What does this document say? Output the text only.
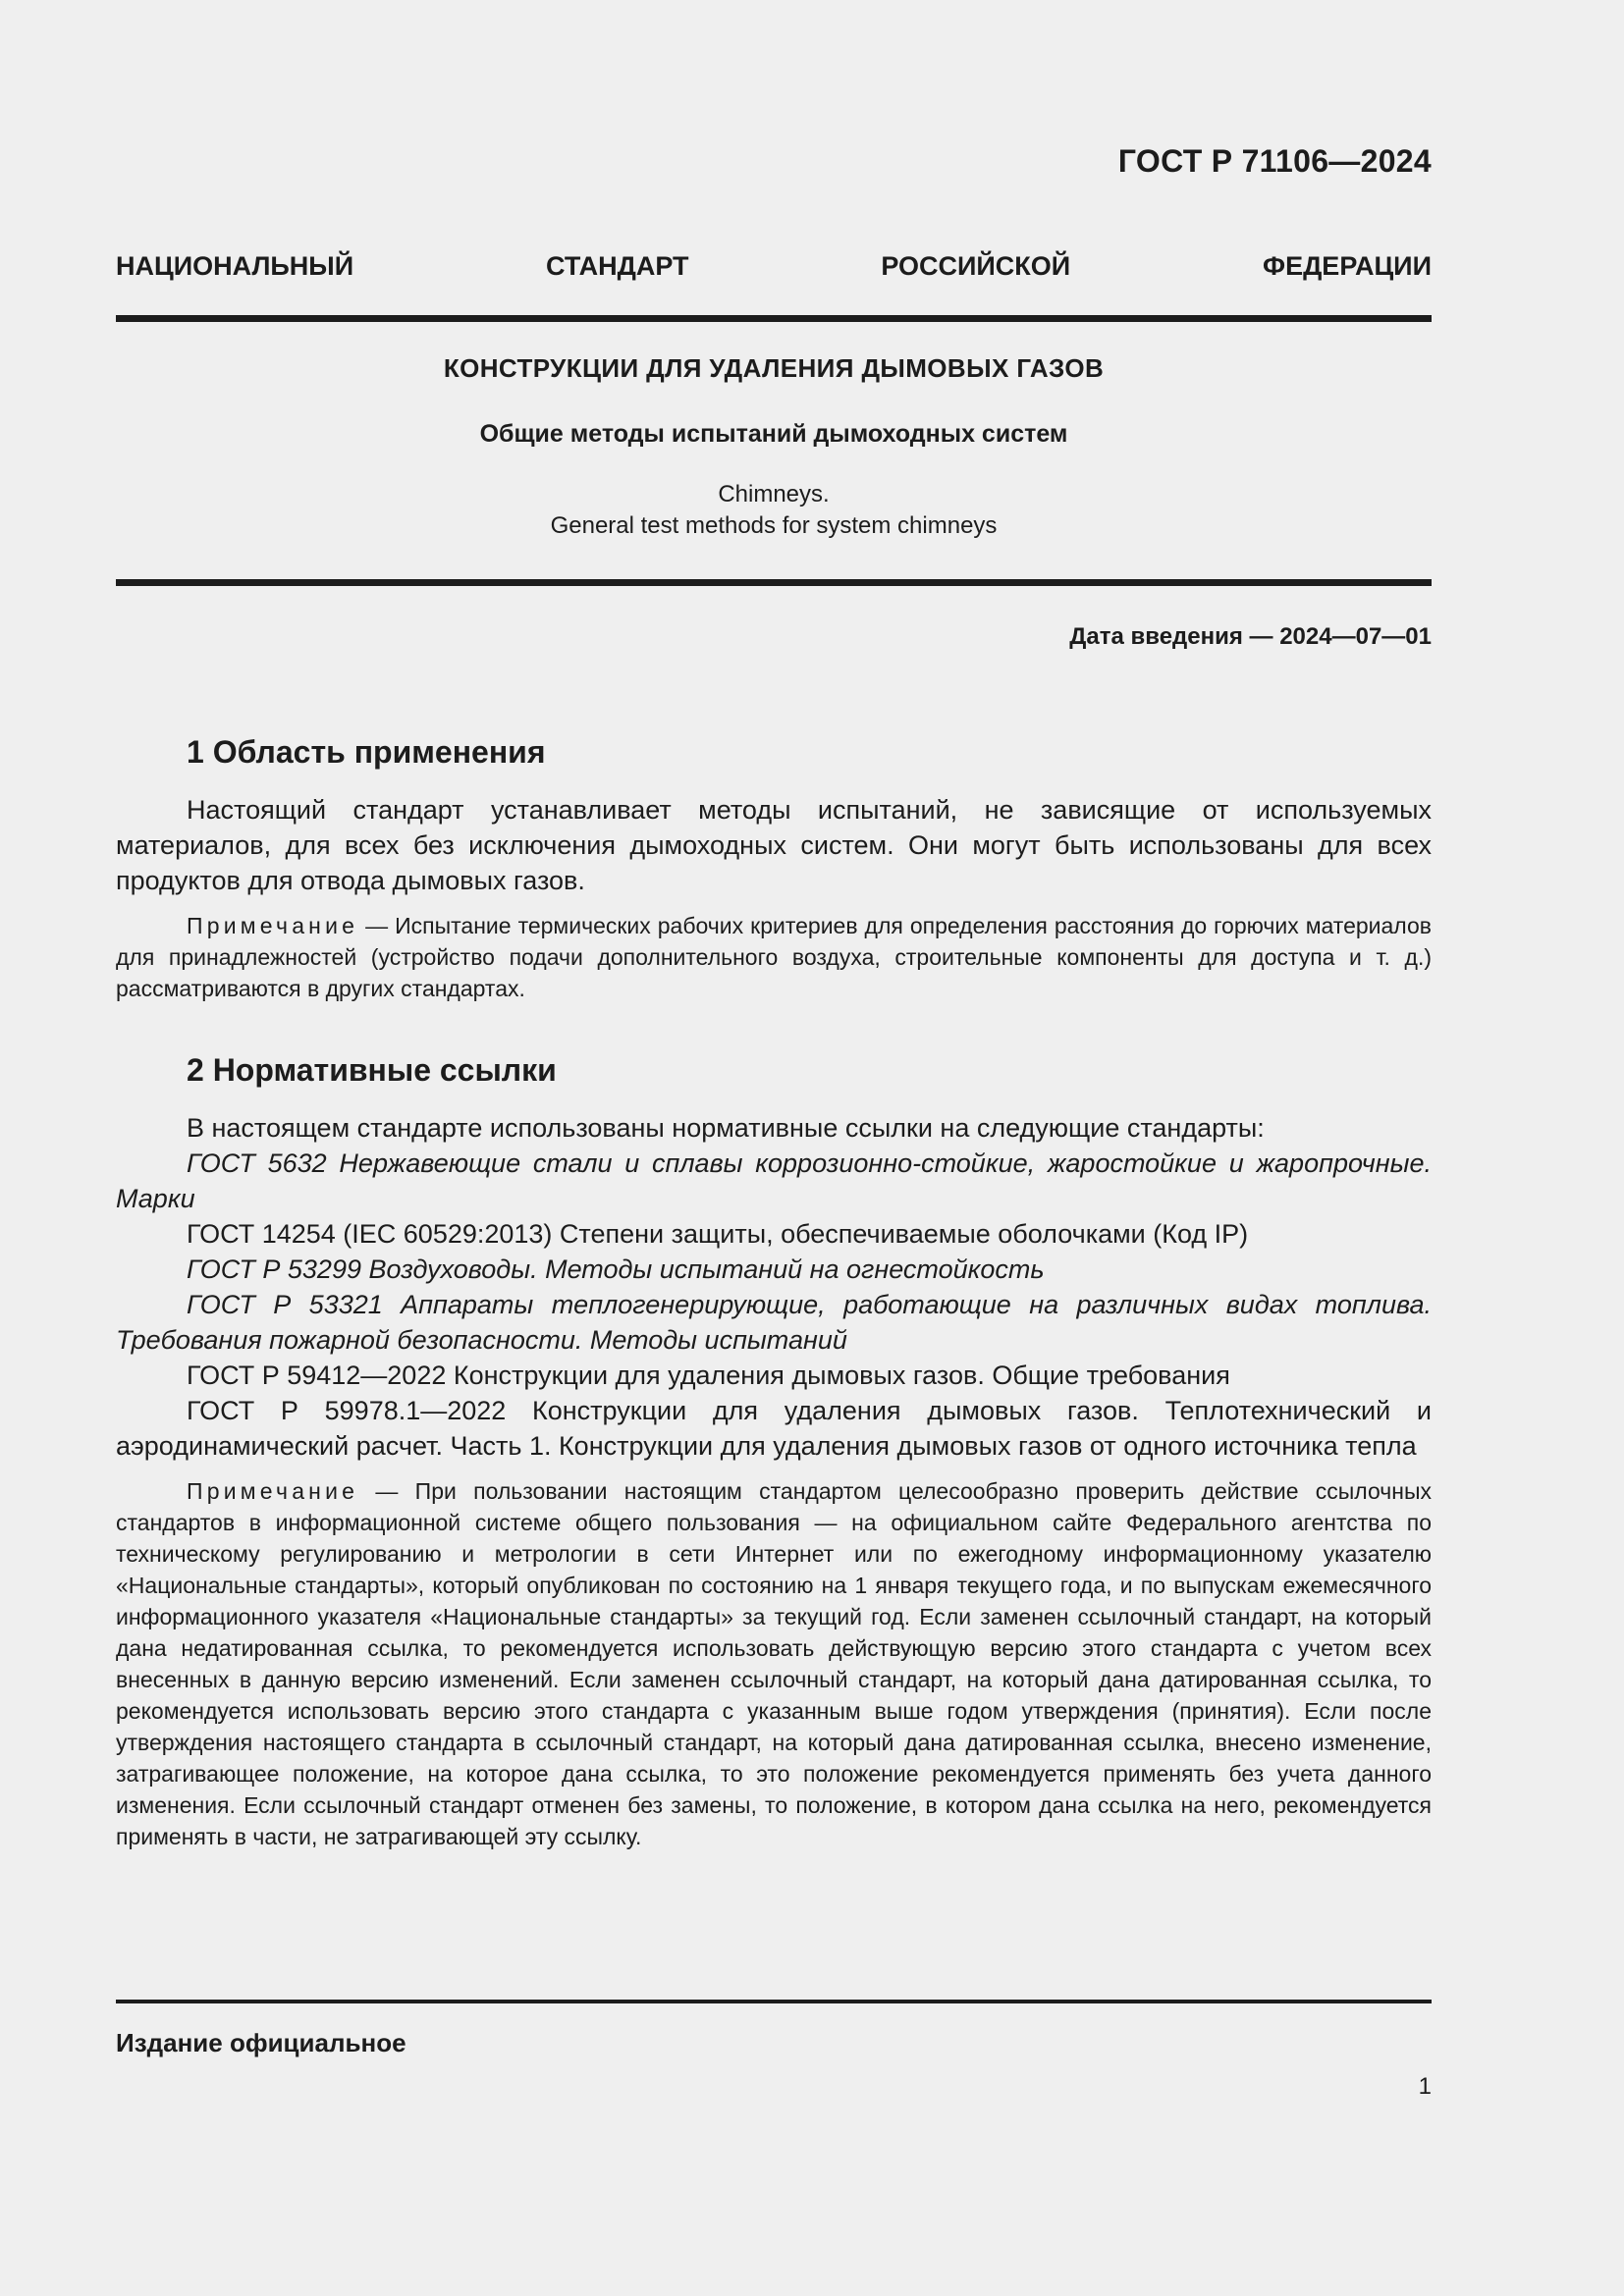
ГОСТ Р 71106—2024
НАЦИОНАЛЬНЫЙ СТАНДАРТ РОССИЙСКОЙ ФЕДЕРАЦИИ
КОНСТРУКЦИИ ДЛЯ УДАЛЕНИЯ ДЫМОВЫХ ГАЗОВ
Общие методы испытаний дымоходных систем
Chimneys.
General test methods for system chimneys
Дата введения — 2024—07—01
1 Область применения

Настоящий стандарт устанавливает методы испытаний, не зависящие от используемых материалов, для всех без исключения дымоходных систем. Они могут быть использованы для всех продуктов для отвода дымовых газов.

Примечание — Испытание термических рабочих критериев для определения расстояния до горючих материалов для принадлежностей (устройство подачи дополнительного воздуха, строительные компоненты для доступа и т. д.) рассматриваются в других стандартах.

2 Нормативные ссылки

В настоящем стандарте использованы нормативные ссылки на следующие стандарты:

ГОСТ 5632 Нержавеющие стали и сплавы коррозионно-стойкие, жаростойкие и жаропрочные. Марки

ГОСТ 14254 (IEC 60529:2013) Степени защиты, обеспечиваемые оболочками (Код IP)

ГОСТ Р 53299 Воздуховоды. Методы испытаний на огнестойкость

ГОСТ Р 53321 Аппараты теплогенерирующие, работающие на различных видах топлива. Требования пожарной безопасности. Методы испытаний

ГОСТ Р 59412—2022 Конструкции для удаления дымовых газов. Общие требования

ГОСТ Р 59978.1—2022 Конструкции для удаления дымовых газов. Теплотехнический и аэродинамический расчет. Часть 1. Конструкции для удаления дымовых газов от одного источника тепла

Примечание — При пользовании настоящим стандартом целесообразно проверить действие ссылочных стандартов в информационной системе общего пользования — на официальном сайте Федерального агентства по техническому регулированию и метрологии в сети Интернет или по ежегодному информационному указателю «Национальные стандарты», который опубликован по состоянию на 1 января текущего года, и по выпускам ежемесячного информационного указателя «Национальные стандарты» за текущий год. Если заменен ссылочный стандарт, на который дана недатированная ссылка, то рекомендуется использовать действующую версию этого стандарта с учетом всех внесенных в данную версию изменений. Если заменен ссылочный стандарт, на который дана датированная ссылка, то рекомендуется использовать версию этого стандарта с указанным выше годом утверждения (принятия). Если после утверждения настоящего стандарта в ссылочный стандарт, на который дана датированная ссылка, внесено изменение, затрагивающее положение, на которое дана ссылка, то это положение рекомендуется применять без учета данного изменения. Если ссылочный стандарт отменен без замены, то положение, в котором дана ссылка на него, рекомендуется применять в части, не затрагивающей эту ссылку.

Издание официальное
1
